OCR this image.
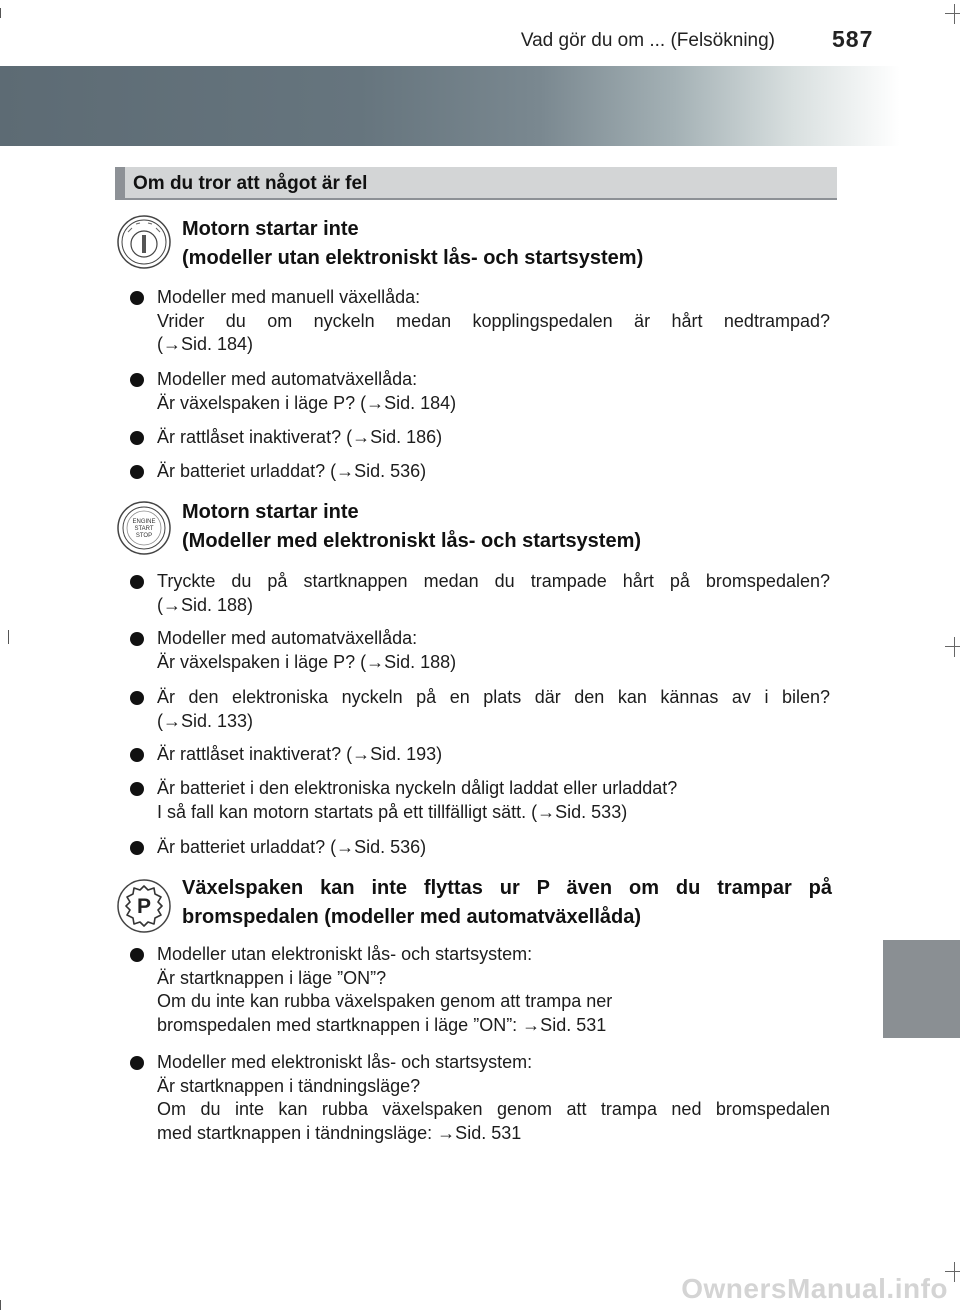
Vad gör du om ... (Felsökning) 587
Om du tror att något är fel
Motorn startar inte
(modeller utan elektroniskt lås- och startsystem)
Modeller med manuell växellåda:
Vrider du om nyckeln medan kopplingspedalen är hårt nedtrampad?
(→Sid. 184)
Modeller med automatväxellåda:
Är växelspaken i läge P? (→Sid. 184)
Är rattlåset inaktiverat? (→Sid. 186)
Är batteriet urladdat? (→Sid. 536)
ENGINE
START
STOP
Motorn startar inte
(Modeller med elektroniskt lås- och startsystem)
Tryckte du på startknappen medan du trampade hårt på bromspedalen?
(→Sid. 188)
Modeller med automatväxellåda:
Är växelspaken i läge P? (→Sid. 188)
Är den elektroniska nyckeln på en plats där den kan kännas av i bilen?
(→Sid. 133)
Är rattlåset inaktiverat? (→Sid. 193)
Är batteriet i den elektroniska nyckeln dåligt laddat eller urladdat?
I så fall kan motorn startats på ett tillfälligt sätt. (→Sid. 533)
Är batteriet urladdat? (→Sid. 536)
P
Växelspaken kan inte flyttas ur P även om du trampar på
bromspedalen (modeller med automatväxellåda)
Modeller utan elektroniskt lås- och startsystem:
Är startknappen i läge ”ON”?
Om du inte kan rubba växelspaken genom att trampa ner
bromspedalen med startknappen i läge ”ON”: →Sid. 531
Modeller med elektroniskt lås- och startsystem:
Är startknappen i tändningsläge?
Om du inte kan rubba växelspaken genom att trampa ned bromspedalen
med startknappen i tändningsläge: →Sid. 531
OwnersManual.info
